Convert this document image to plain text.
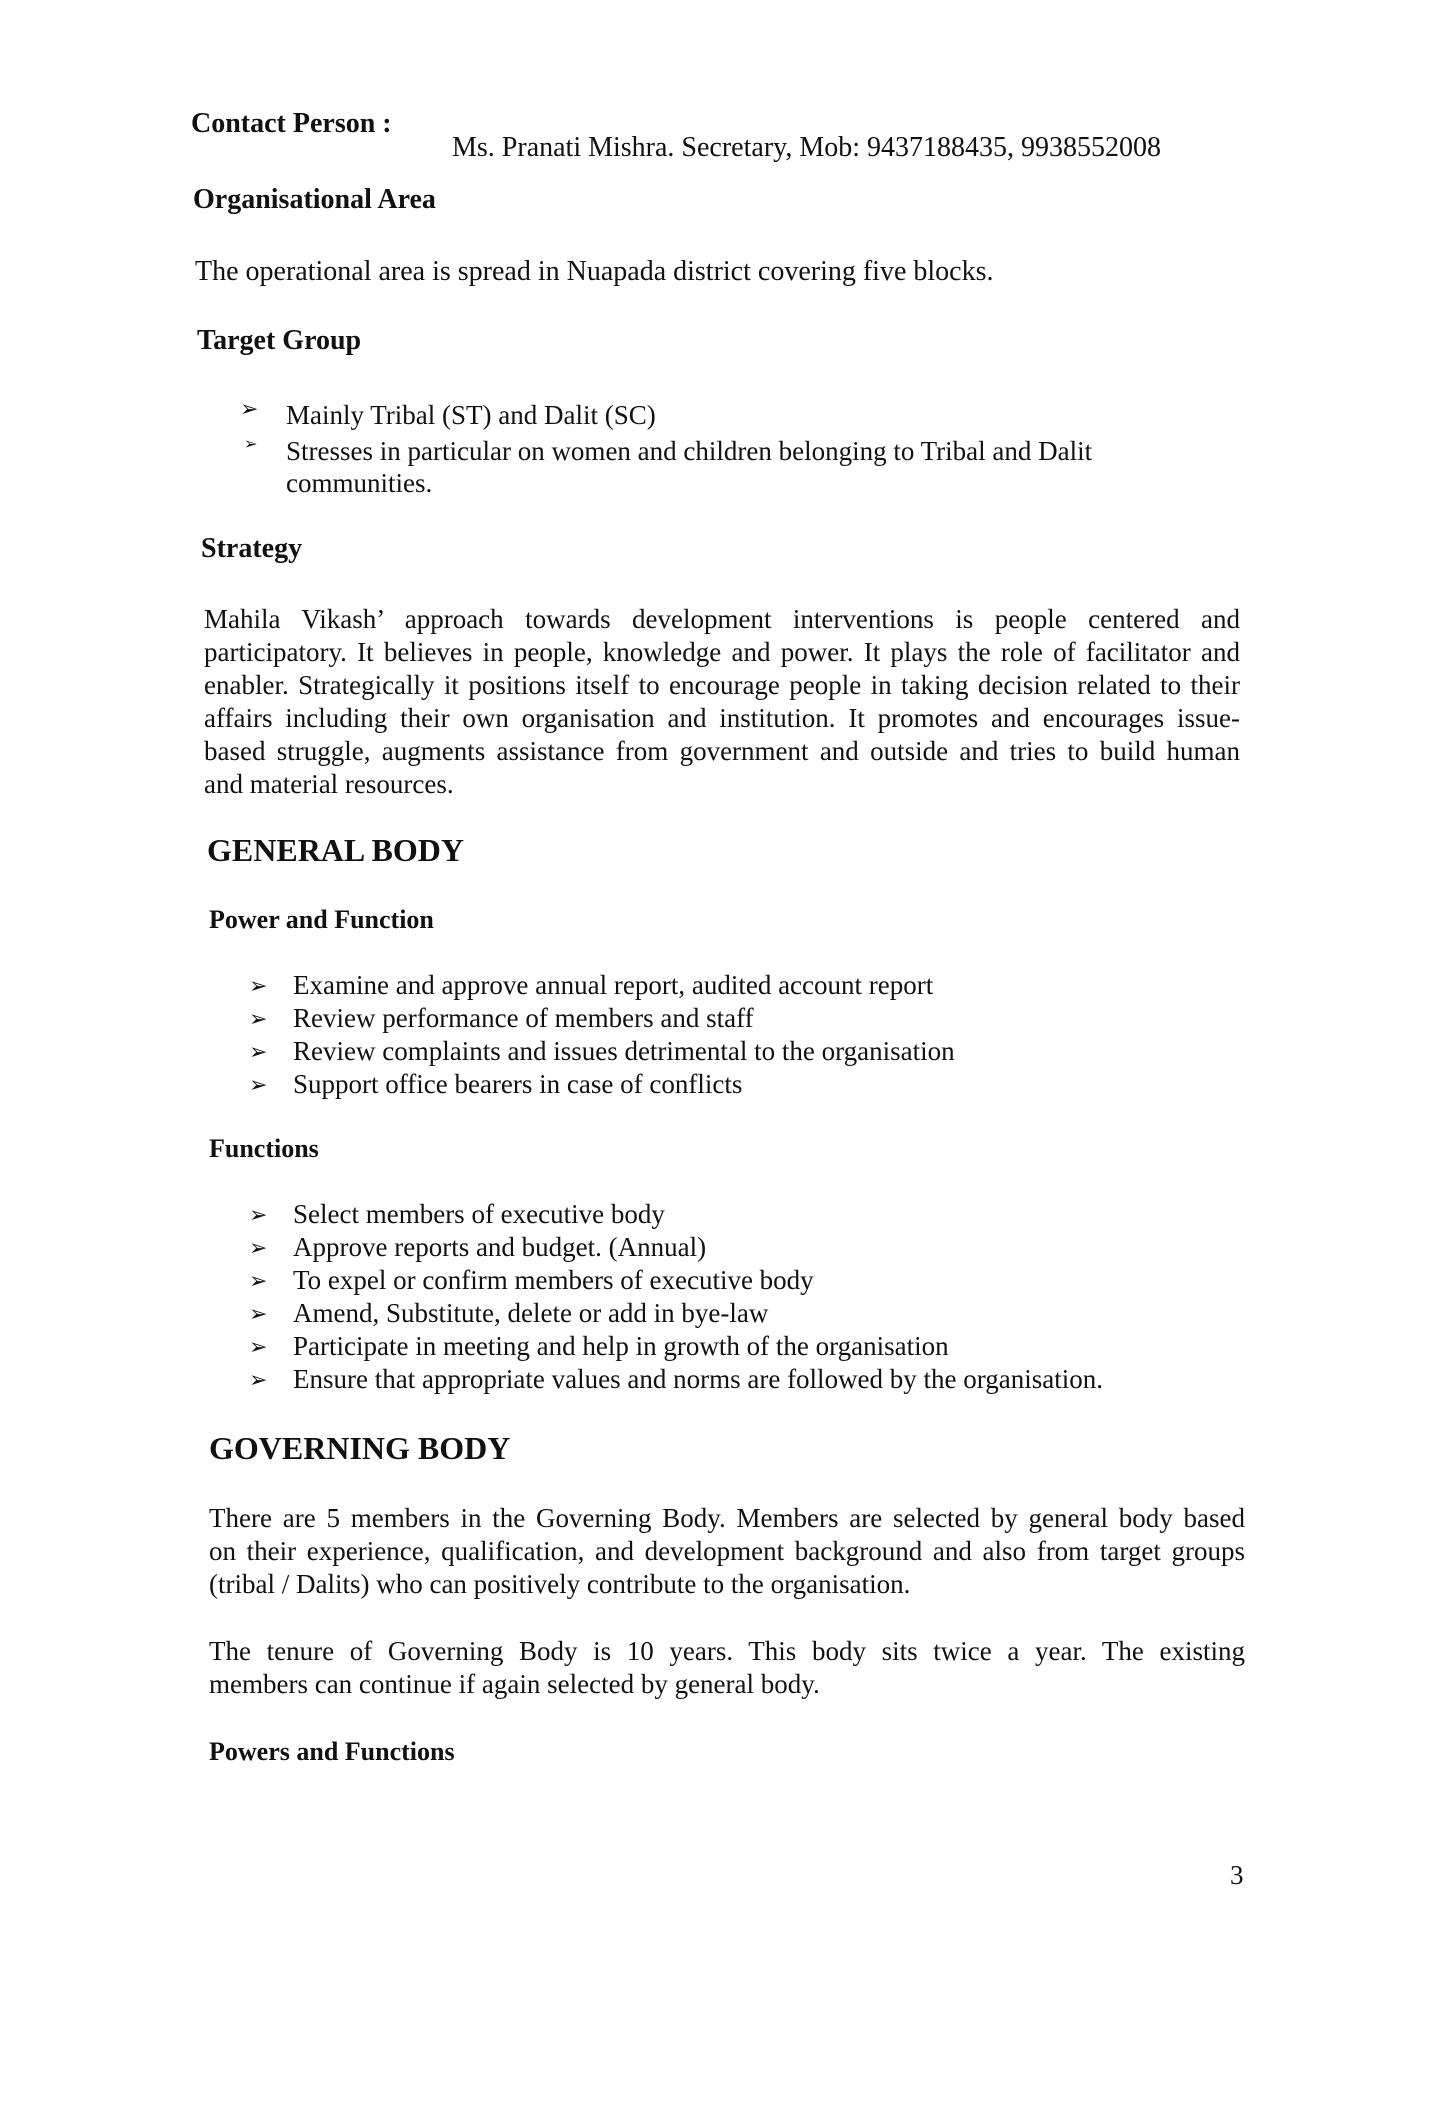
Contact Person :
Ms. Pranati Mishra. Secretary, Mob: 9437188435, 9938552008
Organisational Area
The operational area is spread in Nuapada district covering five blocks.
Target Group
➢ Mainly Tribal (ST) and Dalit (SC)
➢ Stresses in particular on women and children belonging to Tribal and Dalit
communities.
Strategy
Mahila Vikash’ approach towards development interventions is people centered and
participatory. It believes in people, knowledge and power. It plays the role of facilitator and
enabler. Strategically it positions itself to encourage people in taking decision related to their
affairs including their own organisation and institution. It promotes and encourages issue-
based struggle, augments assistance from government and outside and tries to build human
and material resources.
GENERAL BODY
Power and Function
➢ Examine and approve annual report, audited account report
➢ Review performance of members and staff
➢ Review complaints and issues detrimental to the organisation
➢ Support office bearers in case of conflicts
Functions
➢ Select members of executive body
➢ Approve reports and budget. (Annual)
➢ To expel or confirm members of executive body
➢ Amend, Substitute, delete or add in bye-law
➢ Participate in meeting and help in growth of the organisation
➢ Ensure that appropriate values and norms are followed by the organisation.
GOVERNING BODY
There are 5 members in the Governing Body. Members are selected by general body based
on their experience, qualification, and development background and also from target groups
(tribal / Dalits) who can positively contribute to the organisation.
The tenure of Governing Body is 10 years. This body sits twice a year. The existing
members can continue if again selected by general body.
Powers and Functions
3
